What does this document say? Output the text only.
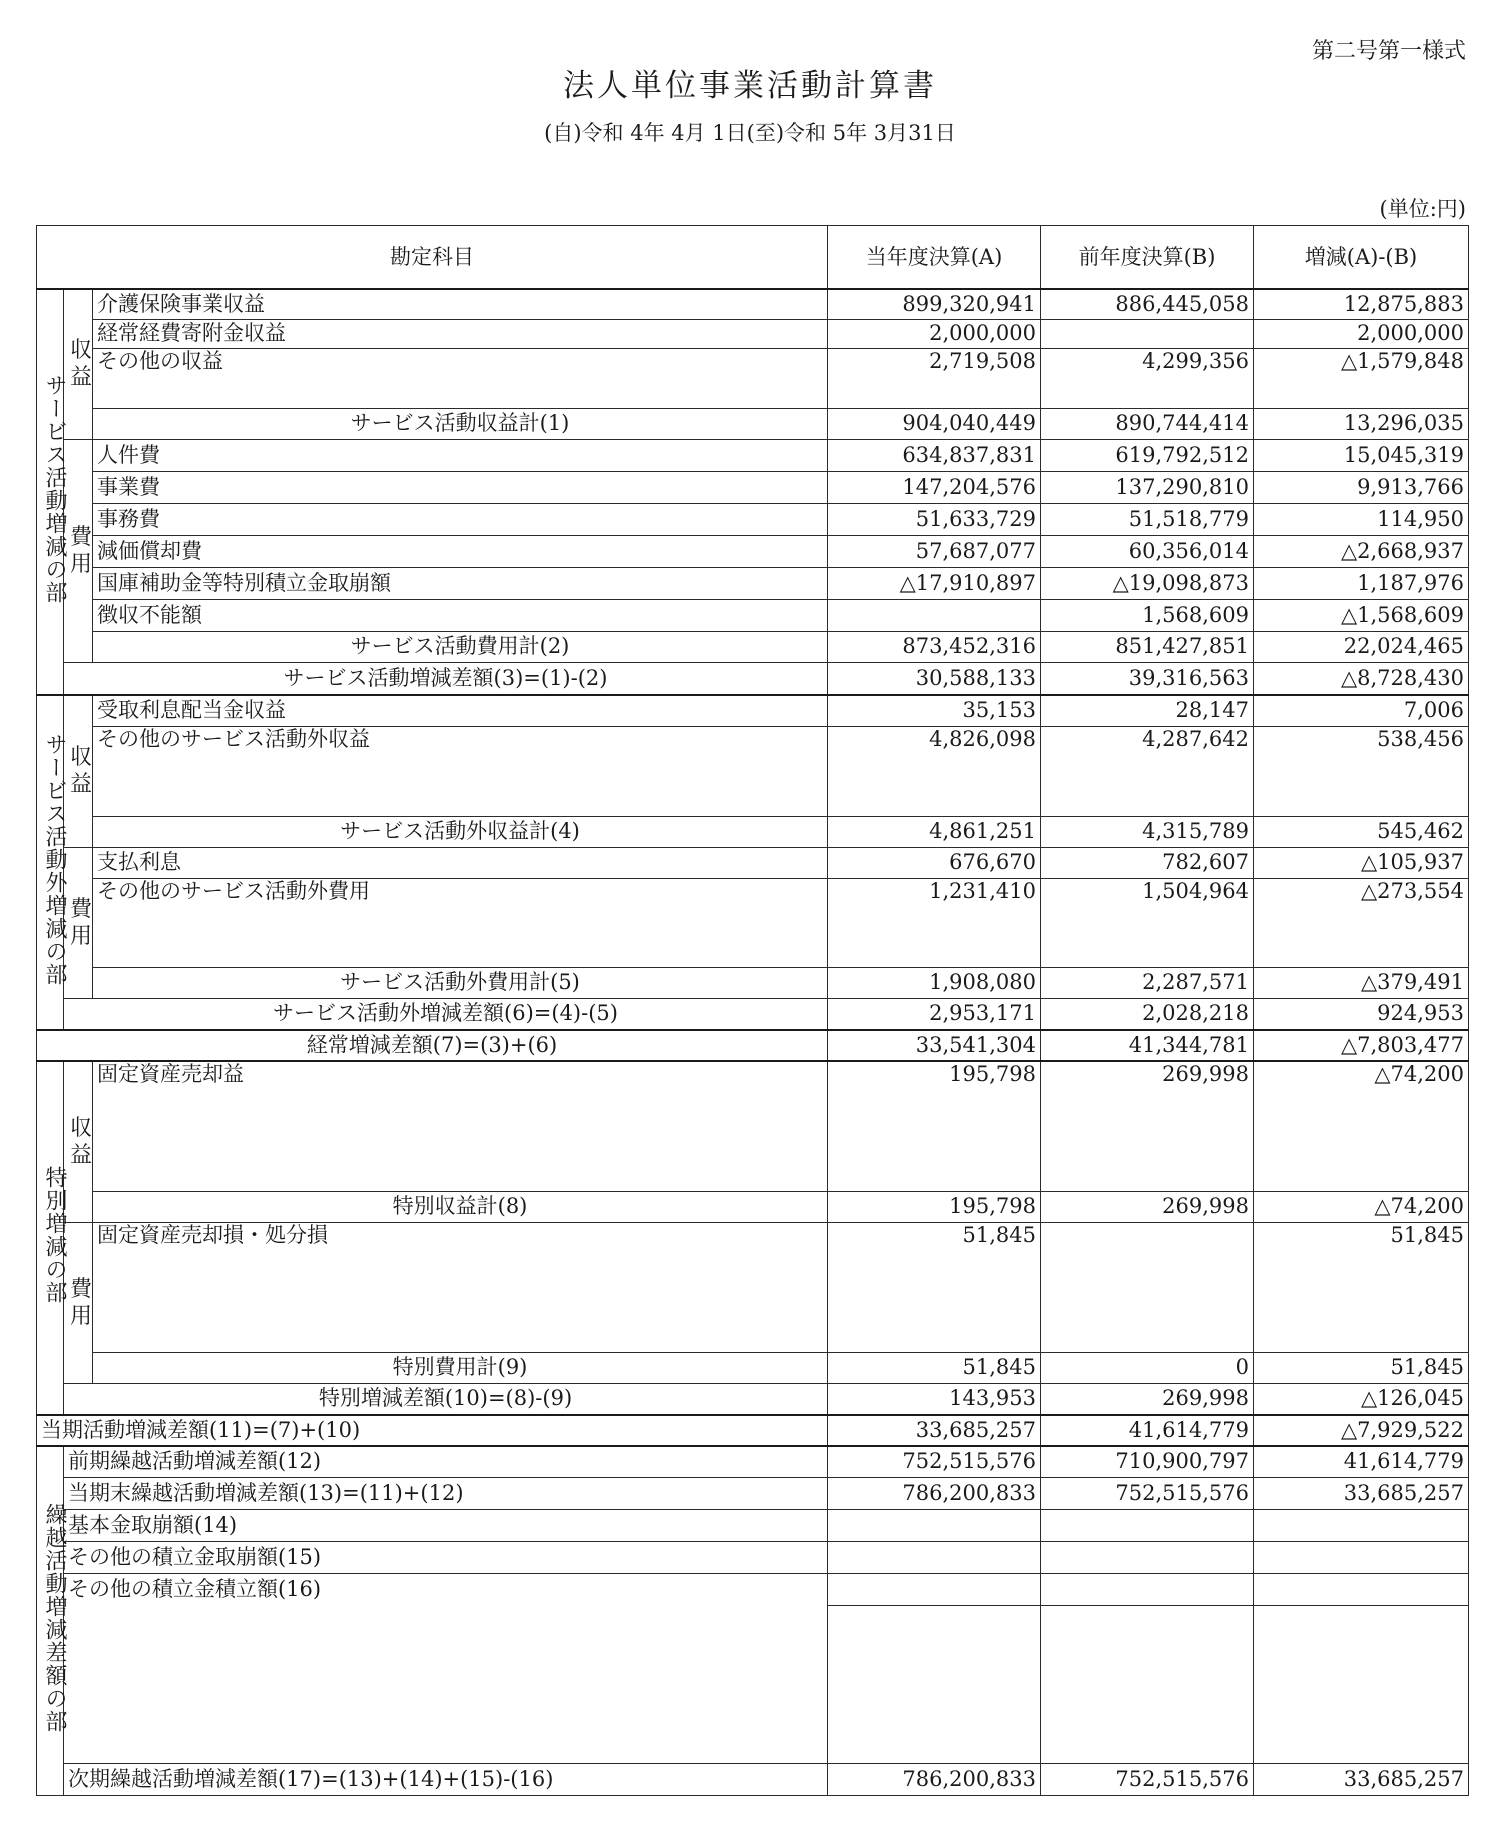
第二号第一様式
法人単位事業活動計算書
(自)令和 4年 4月 1日(至)令和 5年 3月31日
(単位:円)
勘定科目			当年度決算(A)	前年度決算(B)	増減(A)-(B)
サービス活動増減の部	収益	介護保険事業収益	899,320,941	886,445,058	12,875,883
		経常経費寄附金収益	2,000,000		2,000,000
		その他の収益	2,719,508	4,299,356	△1,579,848
		サービス活動収益計(1)	904,040,449	890,744,414	13,296,035
	費用	人件費	634,837,831	619,792,512	15,045,319
		事業費	147,204,576	137,290,810	9,913,766
		事務費	51,633,729	51,518,779	114,950
		減価償却費	57,687,077	60,356,014	△2,668,937
		国庫補助金等特別積立金取崩額	△17,910,897	△19,098,873	1,187,976
		徴収不能額		1,568,609	△1,568,609
		サービス活動費用計(2)	873,452,316	851,427,851	22,024,465
	サービス活動増減差額(3)=(1)-(2)		30,588,133	39,316,563	△8,728,430
サービス活動外増減の部	収益	受取利息配当金収益	35,153	28,147	7,006
		その他のサービス活動外収益	4,826,098	4,287,642	538,456
		サービス活動外収益計(4)	4,861,251	4,315,789	545,462
	費用	支払利息	676,670	782,607	△105,937
		その他のサービス活動外費用	1,231,410	1,504,964	△273,554
		サービス活動外費用計(5)	1,908,080	2,287,571	△379,491
	サービス活動外増減差額(6)=(4)-(5)		2,953,171	2,028,218	924,953
経常増減差額(7)=(3)+(6)			33,541,304	41,344,781	△7,803,477
特別増減の部	収益	固定資産売却益	195,798	269,998	△74,200
		特別収益計(8)	195,798	269,998	△74,200
	費用	固定資産売却損・処分損	51,845		51,845
		特別費用計(9)	51,845	0	51,845
	特別増減差額(10)=(8)-(9)		143,953	269,998	△126,045
当期活動増減差額(11)=(7)+(10)			33,685,257	41,614,779	△7,929,522
繰越活動増減差額の部	前期繰越活動増減差額(12)		752,515,576	710,900,797	41,614,779
	当期末繰越活動増減差額(13)=(11)+(12)		786,200,833	752,515,576	33,685,257
	基本金取崩額(14)				
	その他の積立金取崩額(15)				
	その他の積立金積立額(16)				

	次期繰越活動増減差額(17)=(13)+(14)+(15)-(16)		786,200,833	752,515,576	33,685,257
